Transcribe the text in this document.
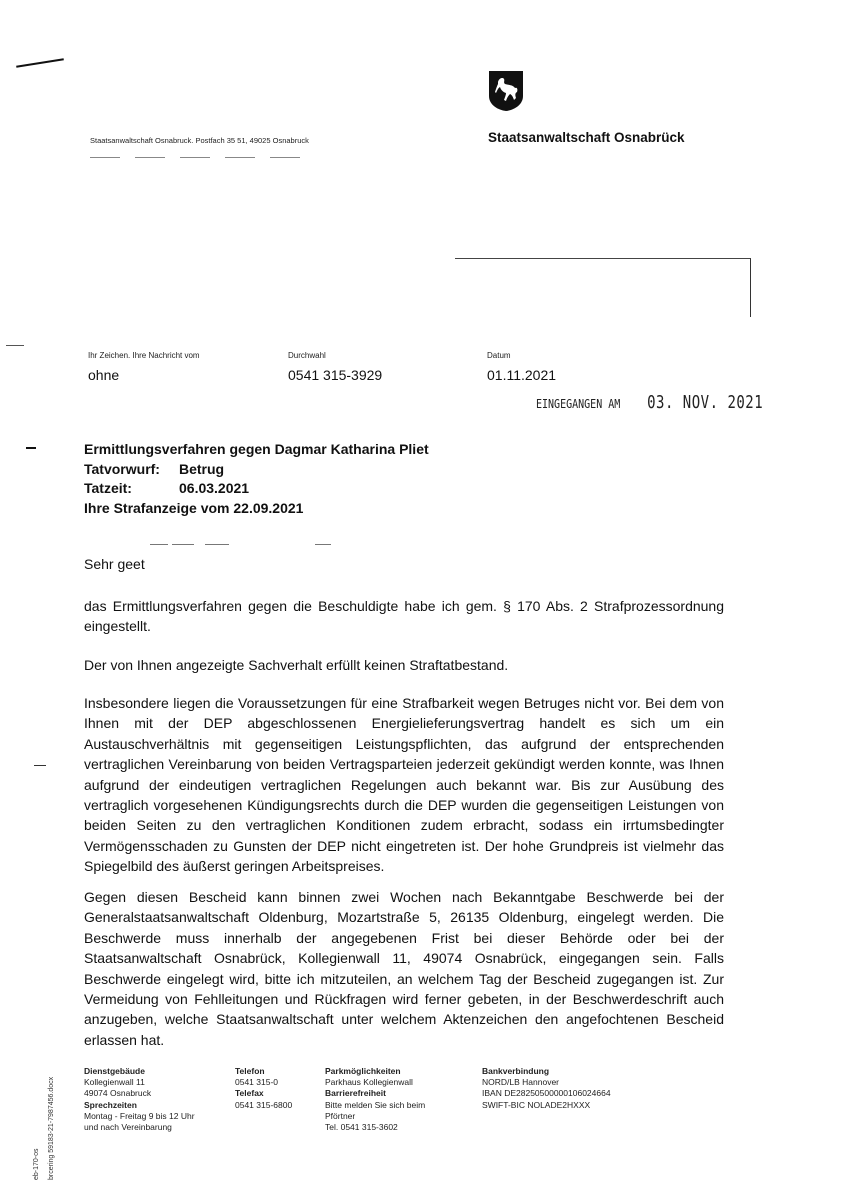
Staatsanwaltschaft Osnabruck. Postfach 35 51, 49025 Osnabruck	Staatsanwaltschaft Osnabrück
Ihr Zeichen. Ihre Nachricht vom
ohne
Durchwahl
0541 315-3929
Datum
01.11.2021
EINGEGANGEN AM 03. NOV. 2021
Ermittlungsverfahren gegen Dagmar Katharina Pliet
Tatvorwurf:	Betrug
Tatzeit:	06.03.2021
Ihre Strafanzeige vom 22.09.2021
Sehr geet
das Ermittlungsverfahren gegen die Beschuldigte habe ich gem. § 170 Abs. 2 Strafprozessordnung eingestellt.
Der von Ihnen angezeigte Sachverhalt erfüllt keinen Straftatbestand.
Insbesondere liegen die Voraussetzungen für eine Strafbarkeit wegen Betruges nicht vor. Bei dem von Ihnen mit der DEP abgeschlossenen Energielieferungsvertrag handelt es sich um ein Austauschverhältnis mit gegenseitigen Leistungspflichten, das aufgrund der entsprechenden vertraglichen Vereinbarung von beiden Vertragsparteien jederzeit gekündigt werden konnte, was Ihnen aufgrund der eindeutigen vertraglichen Regelungen auch bekannt war. Bis zur Ausübung des vertraglich vorgesehenen Kündigungsrechts durch die DEP wurden die gegenseitigen Leistungen von beiden Seiten zu den vertraglichen Konditionen zudem erbracht, sodass ein irrtumsbedingter Vermögensschaden zu Gunsten der DEP nicht eingetreten ist. Der hohe Grundpreis ist vielmehr das Spiegelbild des äußerst geringen Arbeitspreises.
Gegen diesen Bescheid kann binnen zwei Wochen nach Bekanntgabe Beschwerde bei der Generalstaatsanwaltschaft Oldenburg, Mozartstraße 5, 26135 Oldenburg, eingelegt werden. Die Beschwerde muss innerhalb der angegebenen Frist bei dieser Behörde oder bei der Staatsanwaltschaft Osnabrück, Kollegienwall 11, 49074 Osnabrück, eingegangen sein. Falls Beschwerde eingelegt wird, bitte ich mitzuteilen, an welchem Tag der Bescheid zugegangen ist. Zur Vermeidung von Fehlleitungen und Rückfragen wird ferner gebeten, in der Beschwerdeschrift auch anzugeben, welche Staatsanwaltschaft unter welchem Aktenzeichen den angefochtenen Bescheid erlassen hat.
Dienstgebäude
Kollegienwall 11
49074 Osnabruck
Sprechzeiten
Montag - Freitag 9 bis 12 Uhr
und nach Vereinbarung
Telefon
0541 315-0
Telefax
0541 315-6800
Parkmöglichkeiten
Parkhaus Kollegienwall
Barrierefreiheit
Bitte melden Sie sich beim
Pförtner
Tel. 0541 315-3602
Bankverbindung
NORD/LB Hannover
IBAN DE28250500000106024664
SWIFT-BIC NOLADE2HXXX
eb-170-os brcering 59183-21-7987456.docx
